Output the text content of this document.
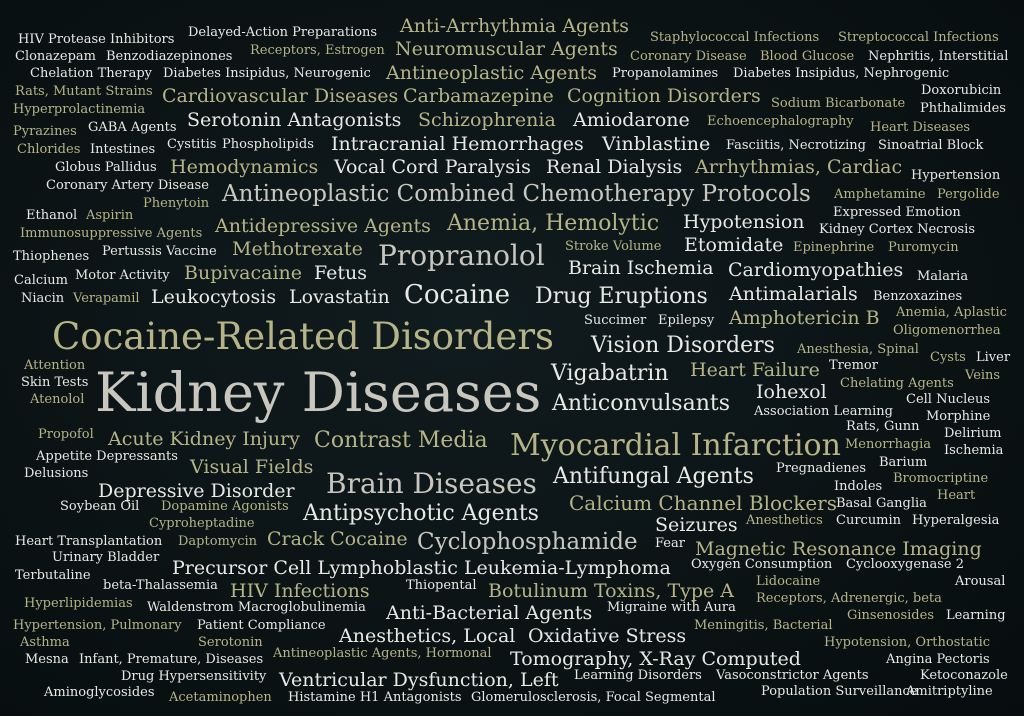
HIV Protease Inhibitors Delayed-Action Preparations Anti-Arrhythmia Agents
Staphylococcal Infections Streptococcal Infections
Clonazepam Benzodiazepinones Receptors, Estrogen Neuromuscular Agents Coronary Disease Blood Glucose Nephritis, Interstitial
Chelation Therapy Diabetes Insipidus, Neurogenic Antineoplastic Agents Propanolamines Diabetes Insipidus, Nephrogenic
Rats, Mutant Strains Cardiovascular Diseases Carbamazepine Cognition Disorders	Doxorubicin
Hyperprolactinemia	Sodium Bicarbonate Phthalimides
Pyrazines GABA Agents Serotonin Antagonists Schizophrenia Amiodarone Echoencephalography Heart Diseases
Chlorides Intestines Cystitis Phospholipids Intracranial Hemorrhages Vinblastine Fasciitis, Necrotizing Sinoatrial Block
Globus Pallidus Hemodynamics Vocal Cord Paralysis Renal Dialysis Arrhythmias, Cardiac Hypertension
Coronary Artery Disease Antineoplastic Combined Chemotherapy Protocols Amphetamine Pergolide
Phenytoin
Ethanol Aspirin	Expressed Emotion
Immunosuppressive Agents Antidepressive Agents Anemia, Hemolytic Hypotension Kidney Cortex Necrosis
Thiophenes Pertussis Vaccine Methotrexate	Stroke Volume Etomidate Epinephrine Puromycin
Propranolol
Calcium Motor Activity Bupivacaine Fetus	Brain Ischemia Cardiomyopathies Malaria
Niacin Verapamil Leukocytosis Lovastatin Cocaine Drug Eruptions Antimalarials Benzoxazines
Succimer Epilepsy Amphotericin B Anemia, Aplastic
Cocaine-Related Disorders	Oligomenorrhea
Vision Disorders Anesthesia, Spinal
Attention
Cysts Liver
Tremor
Skin Tests	Vigabatrin Heart Failure	Veins
Atenolol Kidney Diseases	Chelating Agents
Iohexol	Cell Nucleus
Anticonvulsants Association Learning	Morphine
Propofol
Rats, Gunn Delirium
Acute Kidney Injury Contrast Media Myocardial Infarction Menorrhagia Ischemia
Appetite Depressants	Barium
Delusions	Visual Fields	Pregnadienes
Antifungal Agents
Brain Diseases	Bromocriptine
Indoles
Depressive Disorder	Heart
Basal Ganglia
Soybean Oil Dopamine Agonists	Calcium Channel Blockers
Antipsychotic Agents	Anesthetics Curcumin Hyperalgesia
Cyproheptadine	Seizures
Heart Transplantation Daptomycin Crack Cocaine Cyclophosphamide Fear Magnetic Resonance Imaging
Urinary Bladder	Oxygen Consumption Cyclooxygenase 2
Terbutaline	Precursor Cell Lymphoblastic Leukemia-Lymphoma
beta-Thalassemia	Thiopental	Lidocaine	Arousal
HIV Infections	Botulinum Toxins, Type A Receptors, Adrenergic, beta
Hyperlipidemias Waldenstrom Macroglobulinemia Anti-Bacterial Agents Migraine with Aura
Ginsenosides Learning
Hypertension, Pulmonary Patient Compliance	Meningitis, Bacterial
Asthma	Serotonin	Anesthetics, Local Oxidative Stress	Hypotension, Orthostatic
Mesna Infant, Premature, Diseases Antineoplastic Agents, Hormonal Tomography, X-Ray Computed	Angina Pectoris
Drug Hypersensitivity Ventricular Dysfunction, Left Learning Disorders Vasoconstrictor Agents	Ketoconazole
Aminoglycosides Acetaminophen Histamine H1 Antagonists Glomerulosclerosis, Focal Segmental	Population Surveillance
Amitriptyline
